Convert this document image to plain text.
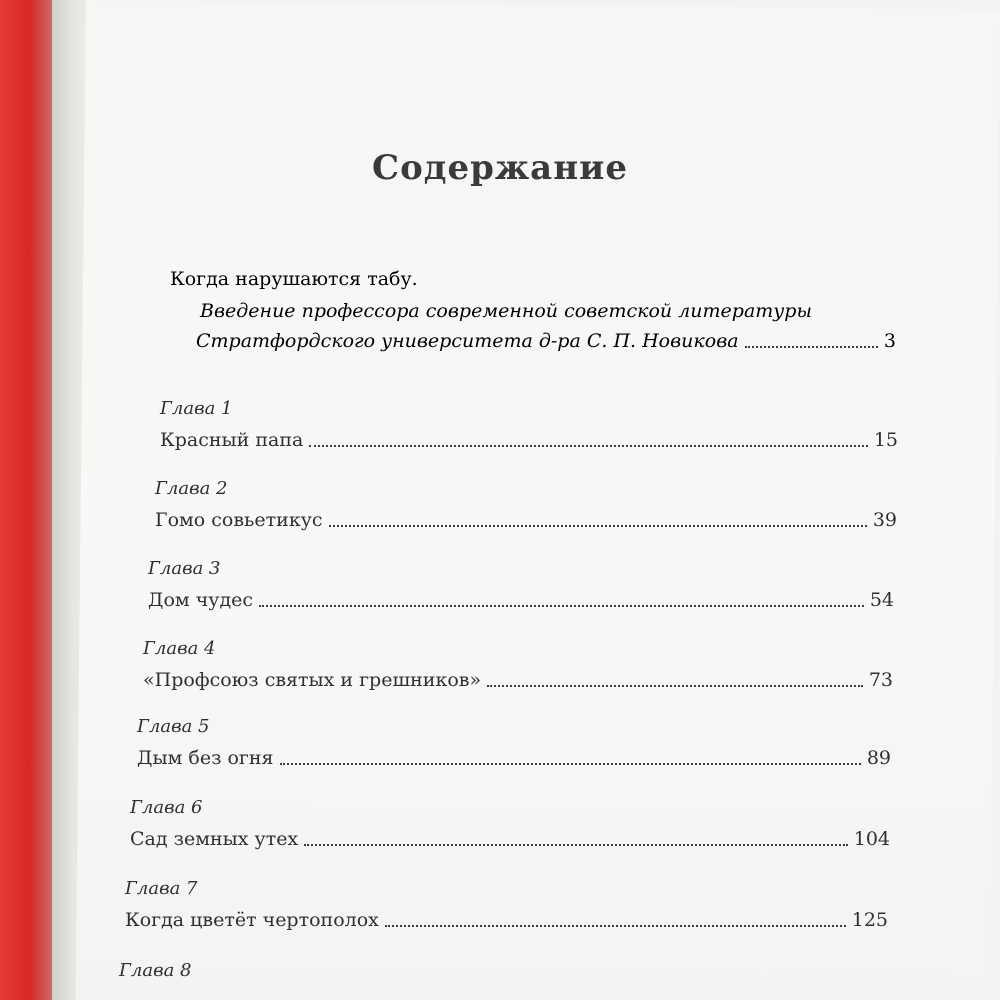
Содержание
Когда нарушаются табу.
Введение профессора современной советской литературы
Стратфордского университета д-ра С. П. Новикова	3
Глава 1
Красный папа	15
Глава 2
Гомо совьетикус	39
Глава 3
Дом чудес	54
Глава 4
«Профсоюз святых и грешников»	73
Глава 5
Дым без огня	89
Глава 6
Сад земных утех	104
Глава 7
Когда цветёт чертополох	125
Глава 8
